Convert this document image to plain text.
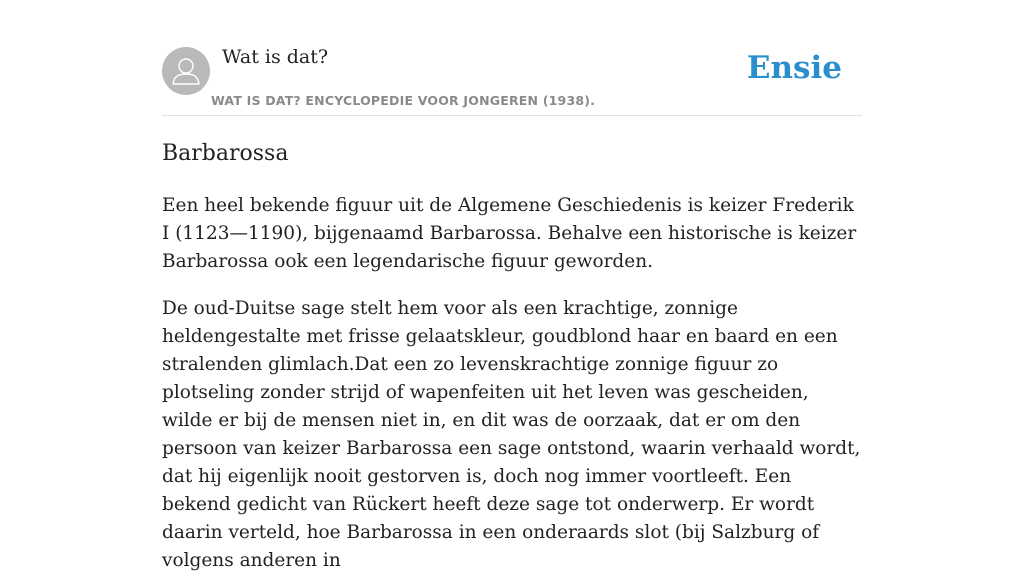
Wat is dat?
WAT IS DAT? ENCYCLOPEDIE VOOR JONGEREN (1938).
Ensie
Barbarossa

Een heel bekende figuur uit de Algemene Geschiedenis is keizer Frederik I (1123—1190), bijgenaamd Barbarossa. Behalve een historische is keizer Barbarossa ook een legendarische figuur geworden.

De oud-Duitse sage stelt hem voor als een krachtige, zonnige heldengestalte met frisse gelaatskleur, goudblond haar en baard en een stralenden glimlach.Dat een zo levenskrachtige zonnige figuur zo plotseling zonder strijd of wapenfeiten uit het leven was gescheiden, wilde er bij de mensen niet in, en dit was de oorzaak, dat er om den persoon van keizer Barbarossa een sage ontstond, waarin verhaald wordt, dat hij eigenlijk nooit gestorven is, doch nog immer voortleeft. Een bekend gedicht van Rückert heeft deze sage tot onderwerp. Er wordt daarin verteld, hoe Barbarossa in een onderaards slot (bij Salzburg of volgens anderen in
